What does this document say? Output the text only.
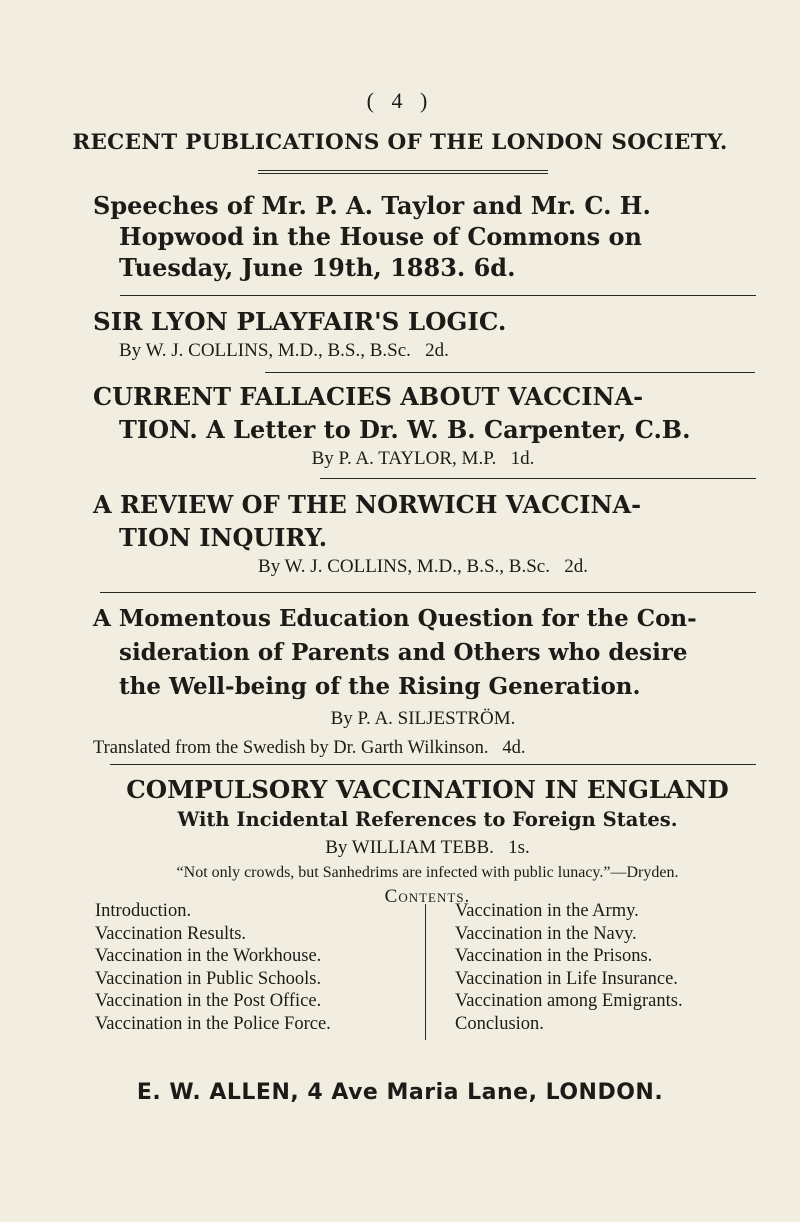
( 4 )
RECENT PUBLICATIONS OF THE LONDON SOCIETY.
Speeches of Mr. P. A. Taylor and Mr. C. H.
Hopwood in the House of Commons on
Tuesday, June 19th, 1883. 6d.
SIR LYON PLAYFAIR'S LOGIC.
By W. J. COLLINS, M.D., B.S., B.Sc.   2d.
CURRENT FALLACIES ABOUT VACCINA-
TION. A Letter to Dr. W. B. Carpenter, C.B.
By P. A. TAYLOR, M.P.   1d.
A REVIEW OF THE NORWICH VACCINA-
TION INQUIRY.
By W. J. COLLINS, M.D., B.S., B.Sc.   2d.
A Momentous Education Question for the Con-
sideration of Parents and Others who desire
the Well-being of the Rising Generation.
By P. A. SILJESTRÖM.
Translated from the Swedish by Dr. Garth Wilkinson.   4d.
COMPULSORY VACCINATION IN ENGLAND
With Incidental References to Foreign States.
By WILLIAM TEBB.   1s.
“Not only crowds, but Sanhedrims are infected with public lunacy.”—Dryden.
Contents.
Introduction.
Vaccination Results.
Vaccination in the Workhouse.
Vaccination in Public Schools.
Vaccination in the Post Office.
Vaccination in the Police Force.
Vaccination in the Army.
Vaccination in the Navy.
Vaccination in the Prisons.
Vaccination in Life Insurance.
Vaccination among Emigrants.
Conclusion.
E. W. ALLEN, 4 Ave Maria Lane, LONDON.
